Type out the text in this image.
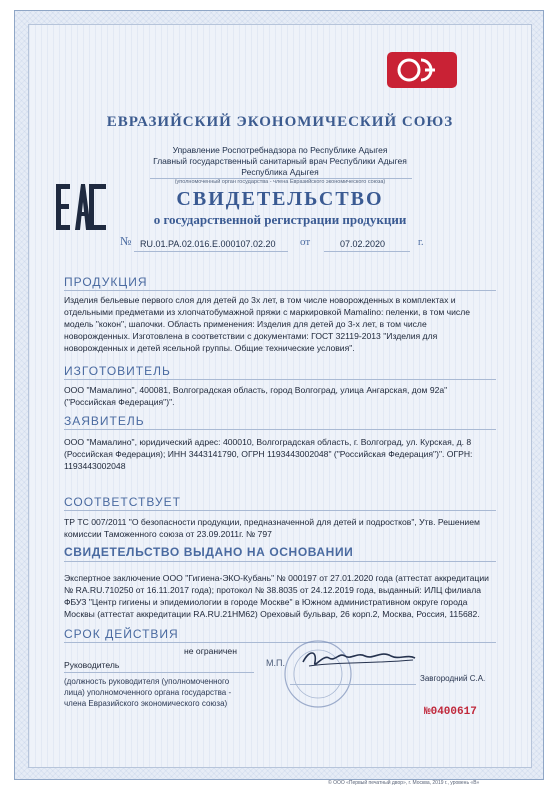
ЕВРАЗИЙСКИЙ ЭКОНОМИЧЕСКИЙ СОЮЗ
Управление Роспотребнадзора по Республике Адыгея
Главный государственный санитарный врач Республики Адыгея
Республика Адыгея
(уполномоченный орган государства - члена Евразийского экономического союза)
ЕАС
СВИДЕТЕЛЬСТВО
о государственной регистрации продукции
№ RU.01.РА.02.016.Е.000107.02.20 от	07.02.2020	г.
ПРОДУКЦИЯ
Изделия бельевые первого слоя для детей до 3х лет, в том числе новорожденных в комплектах и
отдельными предметами из хлопчатобумажной пряжи с маркировкой Mamalino: пеленки, в том числе
модель "кокон", шапочки. Область применения: Изделия для детей до 3-х лет, в том числе
новорожденных. Изготовлена в соответствии с документами: ГОСТ 32119-2013 "Изделия для
новорожденных и детей ясельной группы. Общие технические условия".
ИЗГОТОВИТЕЛЬ
ООО "Мамалино", 400081, Волгоградская область, город Волгоград, улица Ангарская, дом 92а"
("Российская Федерация")".
ЗАЯВИТЕЛЬ
ООО "Мамалино", юридический адрес: 400010, Волгоградская область, г. Волгоград, ул. Курская, д. 8
(Российская Федерация); ИНН 3443141790, ОГРН 1193443002048" ("Российская Федерация")". ОГРН:
1193443002048
СООТВЕТСТВУЕТ
ТР ТС 007/2011 "О безопасности продукции, предназначенной для детей и подростков", Утв. Решением
комиссии Таможенного союза от 23.09.2011г. № 797
СВИДЕТЕЛЬСТВО ВЫДАНО НА ОСНОВАНИИ
Экспертное заключение ООО "Гигиена-ЭКО-Кубань" № 000197 от 27.01.2020 года (аттестат аккредитации
№ RA.RU.710250 от 16.11.2017 года); протокол № 38.8035 от 24.12.2019 года, выданный: ИЛЦ филиала
ФБУЗ "Центр гигиены и эпидемиологии в городе Москве" в Южном административном округе города
Москвы (аттестат аккредитации RA.RU.21НМ62) Ореховый бульвар, 26 корп.2, Москва, Россия, 115682.
СРОК ДЕЙСТВИЯ
не ограничен
Руководитель	М.П.
Завгородний С.А.
(должность руководителя (уполномоченного
лица) уполномоченного органа государства -
члена Евразийского экономического союза)
№0400617
© ООО «Первый печатный двор», г. Москва, 2019 г., уровень «В»
